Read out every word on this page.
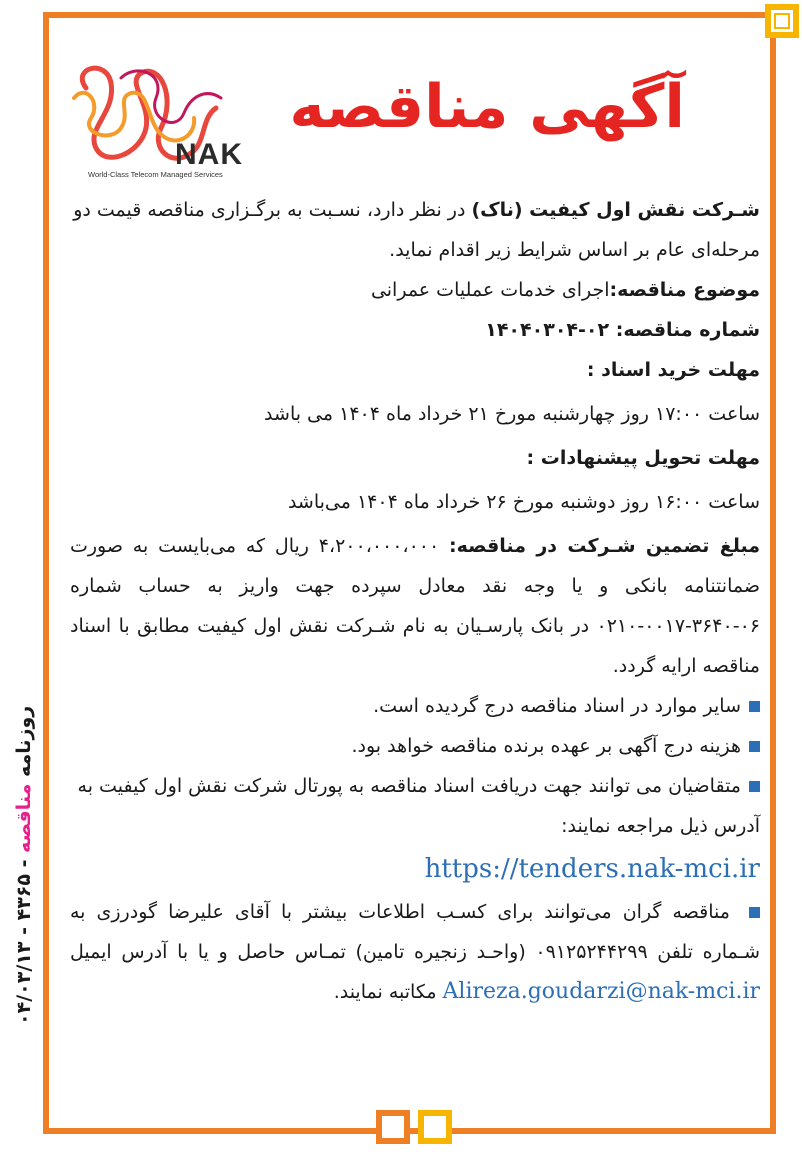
روزنامه

مناقصه

- ۴۳۶۵ - ۰۴/۰۳/۱۳
NAK
World-Class Telecom Managed Services
آگهی مناقصه

شـرکت نقش اول کیفیت (ناک) در نظر دارد، نسـبت به برگـزاری مناقصه قیمت دو مرحله‌ای عام بر اساس شرایط زیر اقدام نماید.

موضوع مناقصه:اجرای خدمات عملیات عمرانی

شماره مناقصه: ۰۲-۱۴۰۴۰۳۰۴

مهلت خرید اسناد :

ساعت ۱۷:۰۰ روز چهارشنبه مورخ ۲۱ خرداد ماه ۱۴۰۴ می باشد

مهلت تحویل پیشنهادات :

ساعت ۱۶:۰۰ روز دوشنبه مورخ ۲۶ خرداد ماه ۱۴۰۴ می‌باشد

مبلغ تضمین شـرکت در مناقصه: ۴،۲۰۰،۰۰۰،۰۰۰ ریال که می‌بایست به صورت ضمانتنامه بانکی و یا وجه نقد معادل سپرده جهت واریز به حساب شماره ۰۶-۳۶۴۰-۰۰۱۷-۰۲۱۰ در بانک پارسـیان به نام شـرکت نقش اول کیفیت مطابق با اسناد مناقصه ارایه گردد.

سایر موارد در اسناد مناقصه درج گردیده است.

هزینه درج آگهی بر عهده برنده مناقصه خواهد بود.

متقاضیان می توانند جهت دریافت اسناد مناقصه به پورتال شرکت نقش اول کیفیت به آدرس ذیل مراجعه نمایند:

https://tenders.nak-mci.ir

مناقصه گران می‌توانند برای کسـب اطلاعات بیشتر با آقای علیرضا گودرزی به شـماره تلفن ۰۹۱۲۵۲۴۴۲۹۹ (واحـد زنجیره تامین) تمـاس حاصل و یا با آدرس ایمیل Alireza.goudarzi@nak-mci.ir مکاتبه نمایند.
